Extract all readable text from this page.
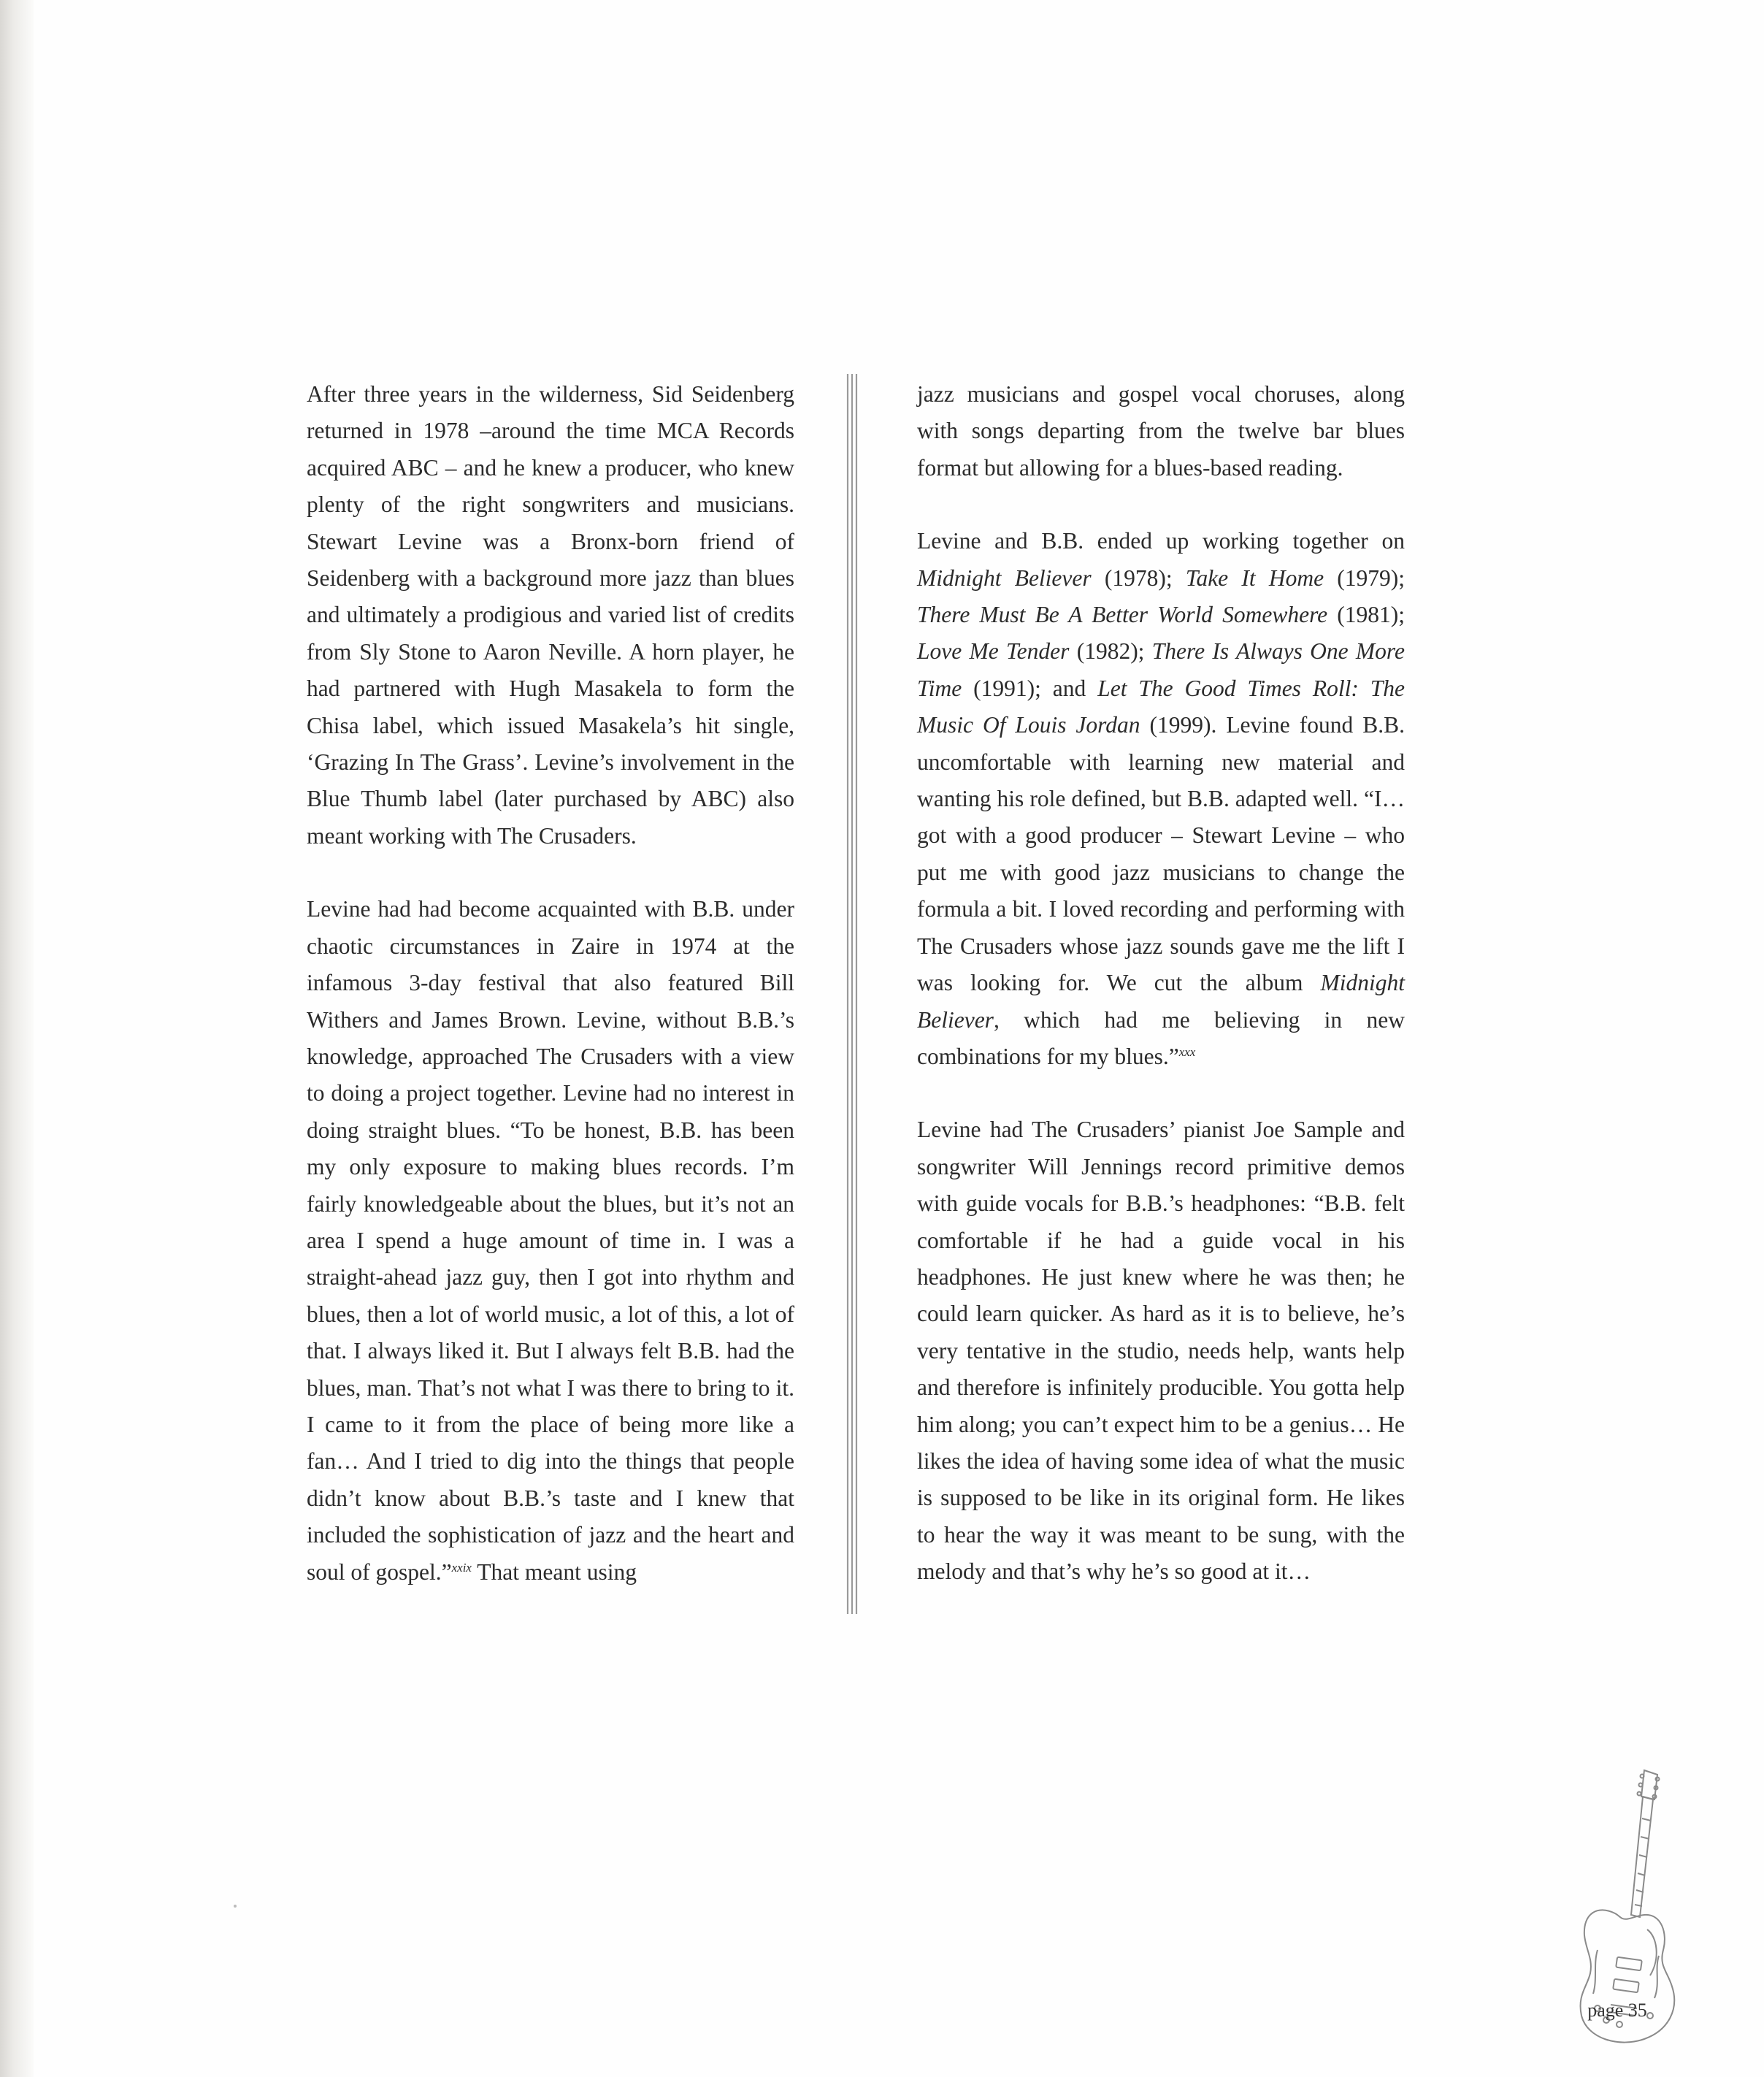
After three years in the wilderness, Sid Seidenberg returned in 1978 –around the time MCA Records acquired ABC – and he knew a producer, who knew plenty of the right songwriters and musicians. Stewart Levine was a Bronx-born friend of Seidenberg with a background more jazz than blues and ultimately a prodigious and varied list of credits from Sly Stone to Aaron Neville. A horn player, he had partnered with Hugh Masakela to form the Chisa label, which issued Masakela’s hit single, ‘Grazing In The Grass’. Levine’s involvement in the Blue Thumb label (later purchased by ABC) also meant working with The Crusaders.

Levine had had become acquainted with B.B. under chaotic circumstances in Zaire in 1974 at the infamous 3-day festival that also featured Bill Withers and James Brown. Levine, without B.B.’s knowledge, approached The Crusaders with a view to doing a project together. Levine had no interest in doing straight blues. “To be honest, B.B. has been my only exposure to making blues records. I’m fairly knowledgeable about the blues, but it’s not an area I spend a huge amount of time in. I was a straight-ahead jazz guy, then I got into rhythm and blues, then a lot of world music, a lot of this, a lot of that. I always liked it. But I always felt B.B. had the blues, man. That’s not what I was there to bring to it. I came to it from the place of being more like a fan… And I tried to dig into the things that people didn’t know about B.B.’s taste and I knew that included the sophistication of jazz and the heart and soul of gospel.”$^{xxix}$ That meant using

jazz musicians and gospel vocal choruses, along with songs departing from the twelve bar blues format but allowing for a blues-based reading.

Levine and B.B. ended up working together on Midnight Believer (1978); Take It Home (1979); There Must Be A Better World Somewhere (1981); Love Me Tender (1982); There Is Always One More Time (1991); and Let The Good Times Roll: The Music Of Louis Jordan (1999). Levine found B.B. uncomfortable with learning new material and wanting his role defined, but B.B. adapted well. “I… got with a good producer – Stewart Levine – who put me with good jazz musicians to change the formula a bit. I loved recording and performing with The Crusaders whose jazz sounds gave me the lift I was looking for. We cut the album Midnight Believer, which had me believing in new combinations for my blues.”$^{xxx}$

Levine had The Crusaders’ pianist Joe Sample and songwriter Will Jennings record primitive demos with guide vocals for B.B.’s headphones: “B.B. felt comfortable if he had a guide vocal in his headphones. He just knew where he was then; he could learn quicker. As hard as it is to believe, he’s very tentative in the studio, needs help, wants help and therefore is infinitely producible. You gotta help him along; you can’t expect him to be a genius… He likes the idea of having some idea of what the music is supposed to be like in its original form. He likes to hear the way it was meant to be sung, with the melody and that’s why he’s so good at it…

page 35
